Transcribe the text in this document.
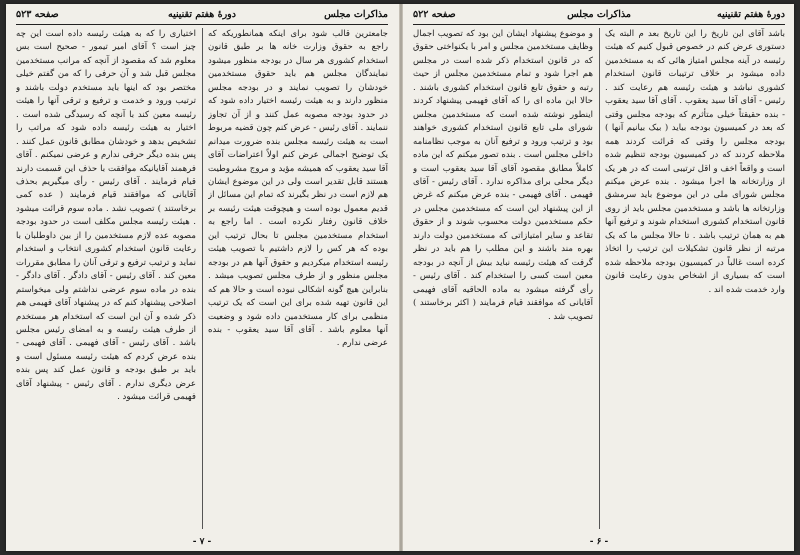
مذاکرات مجلس
دورهٔ هفتم تقنینیه
صفحه ۵۲۳
جامعترین قالب شود برای اینکه همانطوریکه که راجع به حقوق وزارت خانه ها بر طبق قانون استخدام کشوری هر سال در بودجه منظور میشود نمایندگان مجلس هم باید حقوق مستخدمین خودشان را تصویب نمایند و در بودجه مجلس منظور دارند و به هیئت رئیسه اختیار داده شود که در حدود بودجه مصوبه عمل کنند و از آن تجاوز ننمایند . آقای رئیس - عرض کنم چون قضیه مربوط است به هیئت رئیسه مجلس بنده ضرورت میدانم یک توضیح اجمالی عرض کنم اولاً اعتراضات آقای آقا سید یعقوب که همیشه مؤید و مروج مشروطیت هستند قابل تقدیر است ولی در این موضوع ایشان هم لازم است در نظر بگیرند که تمام این مسائل از قدیم معمول بوده است و هیچوقت هیئت رئیسه بر خلاف قانون رفتار نکرده است . اما راجع به استخدام مستخدمین مجلس تا بحال ترتیب این بوده که هر کس را لازم داشتیم با تصویب هیئت رئیسه استخدام میکردیم و حقوق آنها هم در بودجه مجلس منظور و از طرف مجلس تصویب میشد . بنابراین هیچ گونه اشکالی نبوده است و حالا هم که این قانون تهیه شده برای این است که یک ترتیب منظمی برای کار مستخدمین داده شود و وضعیت آنها معلوم باشد . آقای آقا سید یعقوب - بنده عرضی ندارم .
اختیاری را که به هیئت رئیسه داده است این چه چیز است ؟ آقای امیر تیمور - صحیح است بس معلوم شد که مقصود از آنچه که مرانب مستخدمین مجلس قبل شد و آن حرفی را که من گفتم خیلی مختصر بود که اینها باید مستخدم دولت باشند و ترتیب ورود و خدمت و ترفیع و ترقی آنها را هیئت رئیسه معین کند با آنچه که رسیدگی شده است . اختیار به هیئت رئیسه داده شود که مراتب را تشخیص بدهد و خودشان مطابق قانون عمل کنند . پس بنده دیگر حرفی ندارم و عرضی نمیکنم . آقای فرهمند آقایانیکه موافقت با حذف این قسمت دارند قیام فرمایند . آقای رئیس - رأی میگیریم بحذف آقایانی که موافقند قیام فرمایند ( عده کمی برخاستند ) تصویب نشد . ماده سوم قرائت میشود . هیئت رئیسه مجلس مکلف است در حدود بودجه مصوبه عده لازم مستخدمین را از بین داوطلبان با رعایت قانون استخدام کشوری انتخاب و استخدام نماید و ترتیب ترفیع و ترقی آنان را مطابق مقررات معین کند . آقای رئیس - آقای دادگر . آقای دادگر - بنده در ماده سوم عرضی نداشتم ولی میخواستم اصلاحی پیشنهاد کنم که در پیشنهاد آقای فهیمی هم ذکر شده و آن این است که استخدام هر مستخدم از طرف هیئت رئیسه و به امضای رئیس مجلس باشد . آقای رئیس - آقای فهیمی . آقای فهیمی - بنده عرض کردم که هیئت رئیسه مسئول است و باید بر طبق بودجه و قانون عمل کند پس بنده عرض دیگری ندارم . آقای رئیس - پیشنهاد آقای فهیمی قرائت میشود .
- ۷ -
دورهٔ هفتم تقنینیه
مذاکرات مجلس
صفحه ۵۲۲
باشد آقای این تاریخ را این تاریخ بعد م البته یک دستوری عرض کنم در خصوص قبول کنیم که هیئت رئیسه در آینه مجلس امتیاز هائی که به مستخدمین داده میشود بر خلاف ترتیبات قانون استخدام کشوری نباشد و هیئت رئیسه هم رعایت کند . رئیس - آقای آقا سید یعقوب . آقای آقا سید یعقوب - بنده حقیقتاً خیلی متأثرم که بودجه مجلس وقتی که بعد در کمیسیون بودجه بیاید ( بیک بیانیم آنها ) بودجه مجلس را وقتی که قرائت کردند همه ملاحظه کردند که در کمیسیون بودجه تنظیم شده است و واقعاً اخف و اقل ترتیبی است که در هر یک از وزارتخانه ها اجرا میشود . بنده عرض میکنم مجلس شورای ملی در این موضوع باید سرمشق وزارتخانه ها باشد و مستخدمین مجلس باید از روی قانون استخدام کشوری استخدام شوند و ترفیع آنها هم به همان ترتیب باشد . تا حالا مجلس ما که یک مرتبه از نظر قانون تشکیلات این ترتیب را اتخاذ کرده است غالباً در کمیسیون بودجه ملاحظه شده است که بسیاری از اشخاص بدون رعایت قانون وارد خدمت شده اند .
و موضوع پیشنهاد ایشان این بود که تصویب اجمال وظایف مستخدمین مجلس و امر با یکنواختی حقوق که در قانون استخدام ذکر شده است در مجلس هم اجرا شود و تمام مستخدمین مجلس از حیث رتبه و حقوق تابع قانون استخدام کشوری باشند . حالا این ماده ای را که آقای فهیمی پیشنهاد کردند اینطور نوشته شده است که مستخدمین مجلس شورای ملی تابع قانون استخدام کشوری خواهند بود و ترتیب ورود و ترفیع آنان به موجب نظامنامه داخلی مجلس است . بنده تصور میکنم که این ماده کاملاً مطابق مقصود آقای آقا سید یعقوب است و دیگر محلی برای مذاکره ندارد . آقای رئیس - آقای فهیمی . آقای فهیمی - بنده عرض میکنم که غرض از این پیشنهاد این است که مستخدمین مجلس در حکم مستخدمین دولت محسوب شوند و از حقوق تقاعد و سایر امتیازاتی که مستخدمین دولت دارند بهره مند باشند و این مطلب را هم باید در نظر گرفت که هیئت رئیسه نباید بیش از آنچه در بودجه معین است کسی را استخدام کند . آقای رئیس - رأی گرفته میشود به ماده الحاقیه آقای فهیمی آقایانی که موافقند قیام فرمایند ( اکثر برخاستند ) تصویب شد .
- ۶ -
